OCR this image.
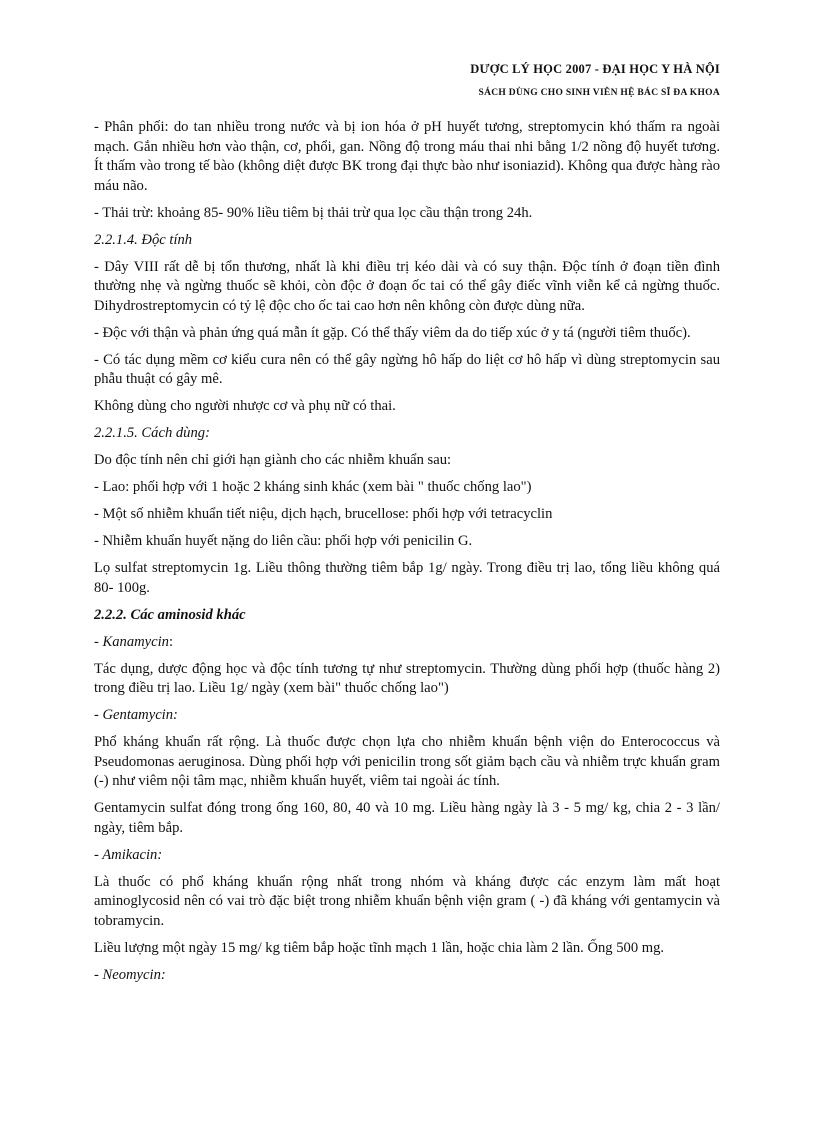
DƯỢC LÝ HỌC 2007 - ĐẠI HỌC Y HÀ NỘI
SÁCH DÙNG CHO SINH VIÊN HỆ BÁC SĨ ĐA KHOA

- Phân phối: do tan nhiều trong nước và bị ion hóa ở pH huyết tương, streptomycin khó thấm ra ngoài mạch. Gắn nhiều hơn vào thận, cơ, phổi, gan. Nồng độ trong máu thai nhi bằng 1/2 nồng độ huyết tương. Ít thấm vào trong tế bào (không diệt được BK trong đại thực bào như isoniazid). Không qua được hàng rào máu não.

- Thải trừ: khoảng 85- 90% liều tiêm bị thải trừ qua lọc cầu thận trong 24h.

2.2.1.4. Độc tính

- Dây VIII rất dễ bị tổn thương, nhất là khi điều trị kéo dài và có suy thận. Độc tính ở đoạn tiền đình thường nhẹ và ngừng thuốc sẽ khỏi, còn độc ở đoạn ốc tai có thể gây điếc vĩnh viễn kể cả ngừng thuốc. Dihydrostreptomycin có tỷ lệ độc cho ốc tai cao hơn nên không còn được dùng nữa.

- Độc với thận và phản ứng quá mẫn ít gặp. Có thể thấy viêm da do tiếp xúc ở y tá (người tiêm thuốc).

- Có tác dụng mềm cơ kiểu cura nên có thể gây ngừng hô hấp do liệt cơ hô hấp vì dùng streptomycin sau phẫu thuật có gây mê.

Không dùng cho người nhược cơ và phụ nữ có thai.

2.2.1.5. Cách dùng:

Do độc tính nên chỉ giới hạn giành cho các nhiễm khuẩn sau:

- Lao: phối hợp với 1 hoặc 2 kháng sinh khác (xem bài " thuốc chống lao")

- Một số nhiễm khuẩn tiết niệu, dịch hạch, brucellose: phối hợp với tetracyclin

- Nhiễm khuẩn huyết nặng do liên cầu: phối hợp với penicilin G.

Lọ sulfat streptomycin 1g. Liều thông thường tiêm bắp 1g/ ngày. Trong điều trị lao, tổng liều không quá 80- 100g.

2.2.2. Các aminosid khác

- Kanamycin:

Tác dụng, dược động học và độc tính tương tự như streptomycin. Thường dùng phối hợp (thuốc hàng 2) trong điều trị lao. Liều 1g/ ngày (xem bài" thuốc chống lao")

- Gentamycin:

Phổ kháng khuẩn rất rộng. Là thuốc được chọn lựa cho nhiễm khuẩn bệnh viện do Enterococcus và Pseudomonas aeruginosa. Dùng phối hợp với penicilin trong sốt giảm bạch cầu và nhiễm trực khuẩn gram (-) như viêm nội tâm mạc, nhiễm khuẩn huyết, viêm tai ngoài ác tính.

Gentamycin sulfat đóng trong ống 160, 80, 40 và 10 mg. Liều hàng ngày là 3 - 5 mg/ kg, chia 2 - 3 lần/ ngày, tiêm bắp.

- Amikacin:

Là thuốc có phổ kháng khuẩn rộng nhất trong nhóm và kháng được các enzym làm mất hoạt aminoglycosid nên có vai trò đặc biệt trong nhiễm khuẩn bệnh viện gram ( -) đã kháng với gentamycin và tobramycin.

Liều lượng một ngày 15 mg/ kg tiêm bắp hoặc tĩnh mạch 1 lần, hoặc chia làm 2 lần. Ống 500 mg.

- Neomycin:
